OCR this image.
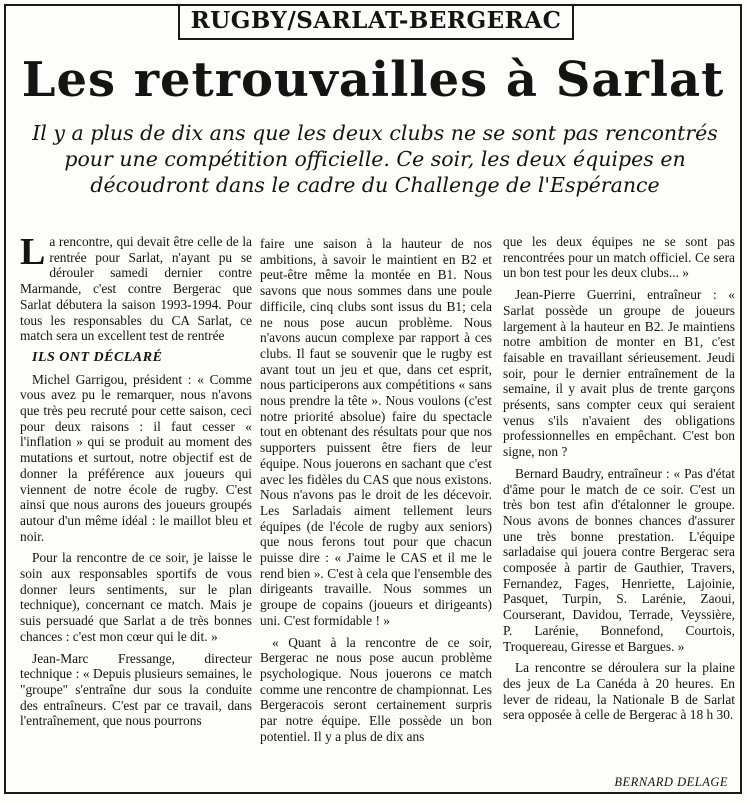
RUGBY/SARLAT-BERGERAC
Les retrouvailles à Sarlat
Il y a plus de dix ans que les deux clubs ne se sont pas rencontrés pour une compétition officielle. Ce soir, les deux équipes en découdront dans le cadre du Challenge de l'Espérance

La rencontre, qui devait être celle de la rentrée pour Sarlat, n'ayant pu se dérouler samedi dernier contre Marmande, c'est contre Bergerac que Sarlat débutera la saison 1993-1994. Pour tous les responsables du CA Sarlat, ce match sera un excellent test de rentrée

ILS ONT DÉCLARÉ

Michel Garrigou, président : « Comme vous avez pu le remarquer, nous n'avons que très peu recruté pour cette saison, ceci pour deux raisons : il faut cesser « l'inflation » qui se produit au moment des mutations et surtout, notre objectif est de donner la préférence aux joueurs qui viennent de notre école de rugby. C'est ainsi que nous aurons des joueurs groupés autour d'un même idéal : le maillot bleu et noir.

Pour la rencontre de ce soir, je laisse le soin aux responsables sportifs de vous donner leurs sentiments, sur le plan technique), concernant ce match. Mais je suis persuadé que Sarlat a de très bonnes chances : c'est mon cœur qui le dit. »

Jean-Marc Fressange, directeur technique : « Depuis plusieurs semaines, le "groupe" s'entraîne dur sous la conduite des entraîneurs. C'est par ce travail, dans l'entraînement, que nous pourrons

faire une saison à la hauteur de nos ambitions, à savoir le maintient en B2 et peut-être même la montée en B1. Nous savons que nous sommes dans une poule difficile, cinq clubs sont issus du B1; cela ne nous pose aucun problème. Nous n'avons aucun complexe par rapport à ces clubs. Il faut se souvenir que le rugby est avant tout un jeu et que, dans cet esprit, nous participerons aux compétitions « sans nous prendre la tête ». Nous voulons (c'est notre priorité absolue) faire du spectacle tout en obtenant des résultats pour que nos supporters puissent être fiers de leur équipe. Nous jouerons en sachant que c'est avec les fidèles du CAS que nous existons. Nous n'avons pas le droit de les décevoir. Les Sarladais aiment tellement leurs équipes (de l'école de rugby aux seniors) que nous ferons tout pour que chacun puisse dire : « J'aime le CAS et il me le rend bien ». C'est à cela que l'ensemble des dirigeants travaille. Nous sommes un groupe de copains (joueurs et dirigeants) uni. C'est formidable ! »

« Quant à la rencontre de ce soir, Bergerac ne nous pose aucun problème psychologique. Nous jouerons ce match comme une rencontre de championnat. Les Bergeracois seront certainement surpris par notre équipe. Elle possède un bon potentiel. Il y a plus de dix ans

que les deux équipes ne se sont pas rencontrées pour un match officiel. Ce sera un bon test pour les deux clubs... »

Jean-Pierre Guerrini, entraîneur : « Sarlat possède un groupe de joueurs largement à la hauteur en B2. Je maintiens notre ambition de monter en B1, c'est faisable en travaillant sérieusement. Jeudi soir, pour le dernier entraînement de la semaine, il y avait plus de trente garçons présents, sans compter ceux qui seraient venus s'ils n'avaient des obligations professionnelles en empêchant. C'est bon signe, non ?

Bernard Baudry, entraîneur : « Pas d'état d'âme pour le match de ce soir. C'est un très bon test afin d'étalonner le groupe. Nous avons de bonnes chances d'assurer une très bonne prestation. L'équipe sarladaise qui jouera contre Bergerac sera composée à partir de Gauthier, Travers, Fernandez, Fages, Henriette, Lajoinie, Pasquet, Turpin, S. Larénie, Zaoui, Courserant, Davidou, Terrade, Veyssière, P. Larénie, Bonnefond, Courtois, Troquereau, Giresse et Bargues. »

La rencontre se déroulera sur la plaine des jeux de La Canéda à 20 heures. En lever de rideau, la Nationale B de Sarlat sera opposée à celle de Bergerac à 18 h 30.

BERNARD DELAGE
